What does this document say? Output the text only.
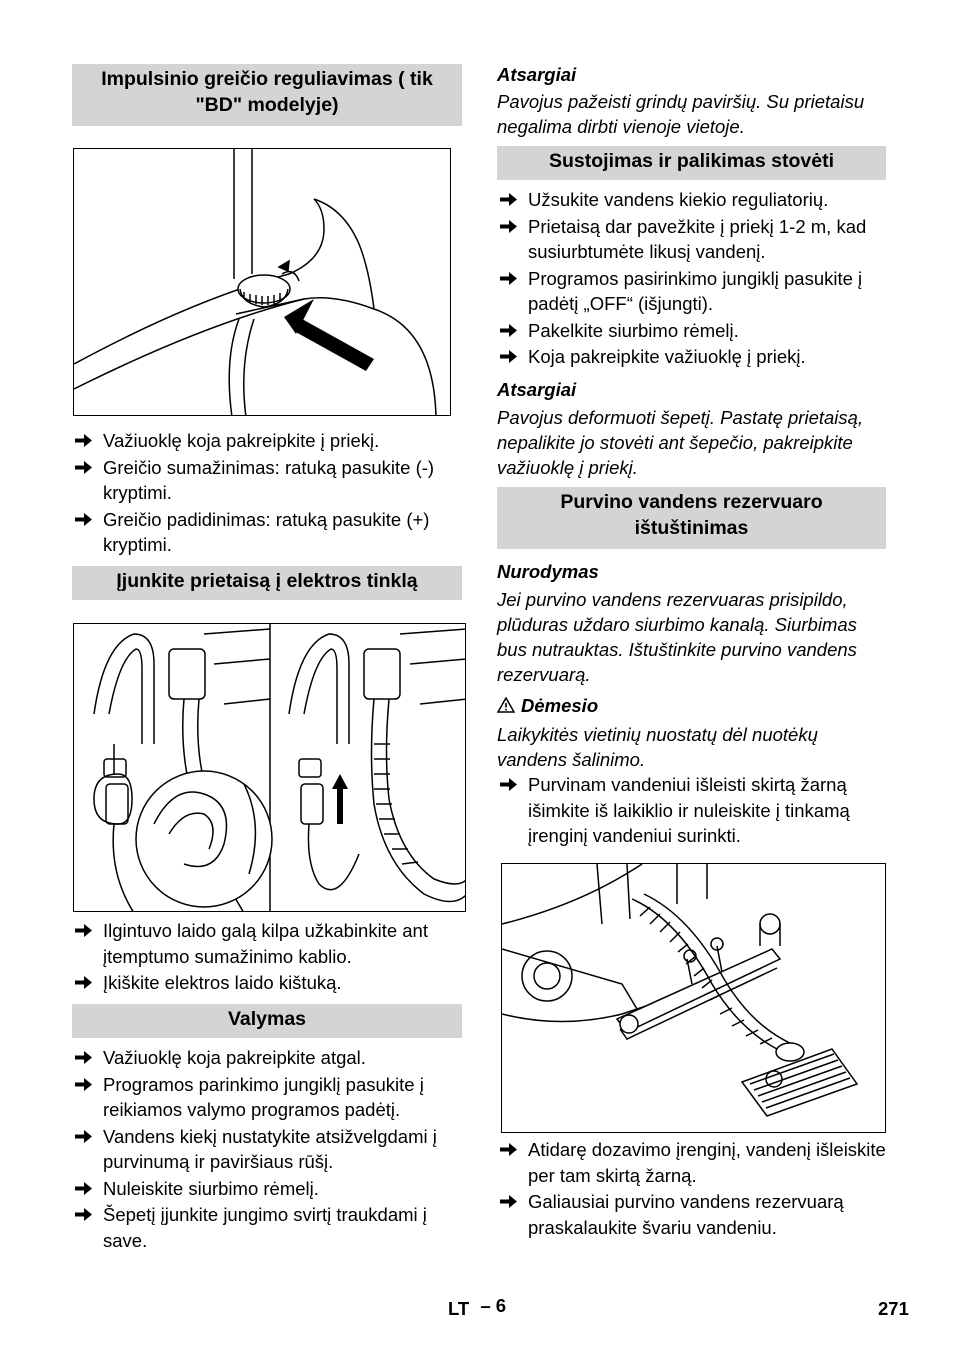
Impulsinio greičio reguliavimas ( tik "BD" modelyje)
Važiuoklę koja pakreipkite į priekį.
Greičio sumažinimas: ratuką pasukite (-) kryptimi.
Greičio padidinimas: ratuką pasukite (+) kryptimi.
Įjunkite prietaisą į elektros tinklą
Ilgintuvo laido galą kilpa užkabinkite ant įtemptumo sumažinimo kablio.
Įkiškite elektros laido kištuką.
Valymas
Važiuoklę koja pakreipkite atgal.
Programos parinkimo jungiklį pasukite į reikiamos valymo programos padėtį.
Vandens kiekį nustatykite atsižvelgdami į purvinumą ir paviršiaus rūšį.
Nuleiskite siurbimo rėmelį.
Šepetį įjunkite jungimo svirtį traukdami į save.
Atsargiai
Pavojus pažeisti grindų paviršių. Su prietaisu negalima dirbti vienoje vietoje.
Sustojimas ir palikimas stovėti
Užsukite vandens kiekio reguliatorių.
Prietaisą dar pavežkite į priekį 1-2 m, kad susiurbtumėte likusį vandenį.
Programos pasirinkimo jungiklį pasukite į padėtį „OFF“ (išjungti).
Pakelkite siurbimo rėmelį.
Koja pakreipkite važiuoklę į priekį.
Atsargiai
Pavojus deformuoti šepetį. Pastatę prietaisą, nepalikite jo stovėti ant šepečio, pakreipkite važiuoklę į priekį.
Purvino vandens rezervuaro ištuštinimas
Nurodymas
Jei purvino vandens rezervuaras prisipildo, plūduras uždaro siurbimo kanalą. Siurbimas bus nutrauktas. Ištuštinkite purvino vandens rezervuarą.
Dėmesio
Laikykitės vietinių nuostatų dėl nuotėkų vandens šalinimo.
Purvinam vandeniui išleisti skirtą žarną išimkite iš laikiklio ir nuleiskite į tinkamą įrenginį vandeniui surinkti.
Atidarę dozavimo įrenginį, vandenį išleiskite per tam skirtą žarną.
Galiausiai purvino vandens rezervuarą praskalaukite švariu vandeniu.
LT – 6	271
